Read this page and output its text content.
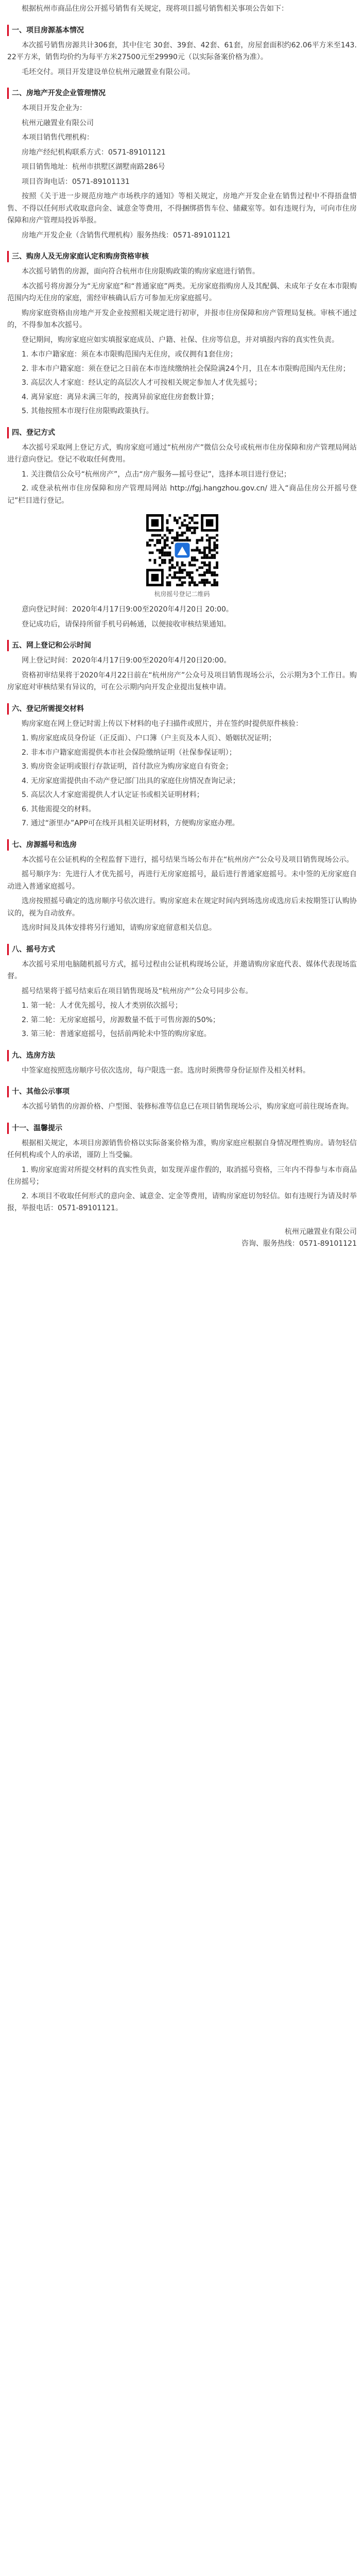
根据杭州市商品住房公开摇号销售有关规定，现将项目摇号销售相关事项公告如下：

一、项目房源基本情况

本次摇号销售房源共计306套，其中住宅 30套、39套、42套、61套，房屋套面积约62.06平方米至143.22平方米，销售均价约为每平方米27500元至29990元（以实际备案价格为准）。

毛坯交付。项目开发建设单位杭州元融置业有限公司。

二、房地产开发企业管理情况

本项目开发企业为：

杭州元融置业有限公司

本项目销售代理机构：

房地产经纪机构联系方式：0571-89101121

项目销售地址：杭州市拱墅区湖墅南路286号

项目咨询电话：0571-89101131

按照《关于进一步规范房地产市场秩序的通知》等相关规定，房地产开发企业在销售过程中不得捂盘惜售、不得以任何形式收取意向金、诚意金等费用，不得捆绑搭售车位、储藏室等。如有违规行为，可向市住房保障和房产管理局投诉举报。

房地产开发企业（含销售代理机构）服务热线：0571-89101121

三、购房人及无房家庭认定和购房资格审核

本次摇号销售的房源，面向符合杭州市住房限购政策的购房家庭进行销售。

本次摇号将房源分为“无房家庭”和“普通家庭”两类。无房家庭指购房人及其配偶、未成年子女在本市限购范围内均无住房的家庭，需经审核确认后方可参加无房家庭摇号。

购房家庭资格由房地产开发企业按照相关规定进行初审，并报市住房保障和房产管理局复核。审核不通过的，不得参加本次摇号。

登记期间，购房家庭应如实填报家庭成员、户籍、社保、住房等信息，并对填报内容的真实性负责。

1. 本市户籍家庭：须在本市限购范围内无住房，或仅拥有1套住房；

2. 非本市户籍家庭：须在登记之日前在本市连续缴纳社会保险满24个月，且在本市限购范围内无住房；

3. 高层次人才家庭：经认定的高层次人才可按相关规定参加人才优先摇号；

4. 离异家庭：离异未满三年的，按离异前家庭住房套数计算；

5. 其他按照本市现行住房限购政策执行。

四、登记方式

本次摇号采取网上登记方式，购房家庭可通过“杭州房产”微信公众号或杭州市住房保障和房产管理局网站进行意向登记。登记不收取任何费用。

1. 关注微信公众号“杭州房产”，点击“房产服务—摇号登记”，选择本项目进行登记；

2. 或登录杭州市住房保障和房产管理局网站 http://fgj.hangzhou.gov.cn/ 进入“商品住房公开摇号登记”栏目进行登记。

杭房摇号登记二维码

意向登记时间：2020年4月17日9:00至2020年4月20日 20:00。

登记成功后，请保持所留手机号码畅通，以便接收审核结果通知。

五、网上登记和公示时间

网上登记时间：2020年4月17日9:00至2020年4月20日20:00。

资格初审结果将于2020年4月22日前在“杭州房产”公众号及项目销售现场公示，公示期为3个工作日。购房家庭对审核结果有异议的，可在公示期内向开发企业提出复核申请。

六、登记所需提交材料

购房家庭在网上登记时需上传以下材料的电子扫描件或照片，并在签约时提供原件核验：

1. 购房家庭成员身份证（正反面）、户口簿（户主页及本人页）、婚姻状况证明；

2. 非本市户籍家庭需提供本市社会保险缴纳证明（社保参保证明）；

3. 购房资金证明或银行存款证明，首付款应为购房家庭自有资金；

4. 无房家庭需提供由不动产登记部门出具的家庭住房情况查询记录；

5. 高层次人才家庭需提供人才认定证书或相关证明材料；

6. 其他需提交的材料。

7. 通过“浙里办”APP可在线开具相关证明材料，方便购房家庭办理。

七、房源摇号和选房

本次摇号在公证机构的全程监督下进行，摇号结果当场公布并在“杭州房产”公众号及项目销售现场公示。

摇号顺序为：先进行人才优先摇号，再进行无房家庭摇号，最后进行普通家庭摇号。未中签的无房家庭自动进入普通家庭摇号。

选房按照摇号确定的选房顺序号依次进行。购房家庭未在规定时间内到场选房或选房后未按期签订认购协议的，视为自动放弃。

选房时间及具体安排将另行通知，请购房家庭留意相关信息。

八、摇号方式

本次摇号采用电脑随机摇号方式，摇号过程由公证机构现场公证，并邀请购房家庭代表、媒体代表现场监督。

摇号结果将于摇号结束后在项目销售现场及“杭州房产”公众号同步公布。

1. 第一轮：人才优先摇号，按人才类别依次摇号；

2. 第二轮：无房家庭摇号，房源数量不低于可售房源的50%；

3. 第三轮：普通家庭摇号，包括前两轮未中签的购房家庭。

九、选房方法

中签家庭按照选房顺序号依次选房，每户限选一套。选房时须携带身份证原件及相关材料。

十、其他公示事项

本次摇号销售的房源价格、户型图、装修标准等信息已在项目销售现场公示，购房家庭可前往现场查询。

十一、温馨提示

根据相关规定，本项目房源销售价格以实际备案价格为准，购房家庭应根据自身情况理性购房。请勿轻信任何机构或个人的承诺，谨防上当受骗。

1. 购房家庭需对所提交材料的真实性负责，如发现弄虚作假的，取消摇号资格，三年内不得参与本市商品住房摇号；

2. 本项目不收取任何形式的意向金、诚意金、定金等费用，请购房家庭切勿轻信。如有违规行为请及时举报，举报电话：0571-89101121。

杭州元融置业有限公司

咨询、服务热线：0571-89101121
